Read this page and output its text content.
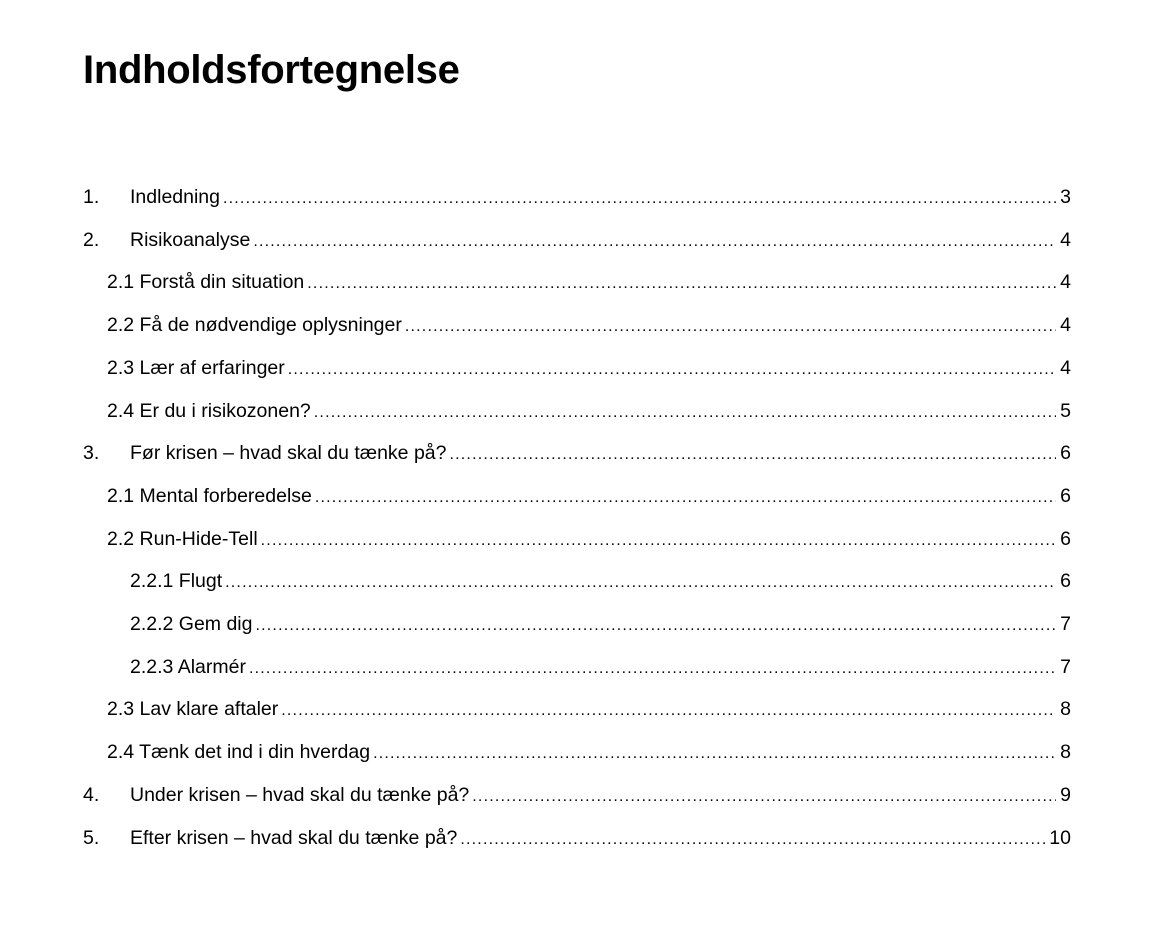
Indholdsfortegnelse
1.	Indledning
.....	3
2.	Risikoanalyse
.....	4
2.1 Forstå din situation
.....	4
2.2 Få de nødvendige oplysninger
.....	4
2.3 Lær af erfaringer
.....	4
2.4 Er du i risikozonen?
.....	5
3.	Før krisen – hvad skal du tænke på?
.....	6
2.1 Mental forberedelse
.....	6
2.2 Run-Hide-Tell
.....	6
2.2.1 Flugt
.....	6
2.2.2 Gem dig
.....	7
2.2.3 Alarmér
.....	7
2.3 Lav klare aftaler
.....	8
2.4 Tænk det ind i din hverdag
.....	8
4.	Under krisen – hvad skal du tænke på?
.....	9
5.	Efter krisen – hvad skal du tænke på?
.....	10
